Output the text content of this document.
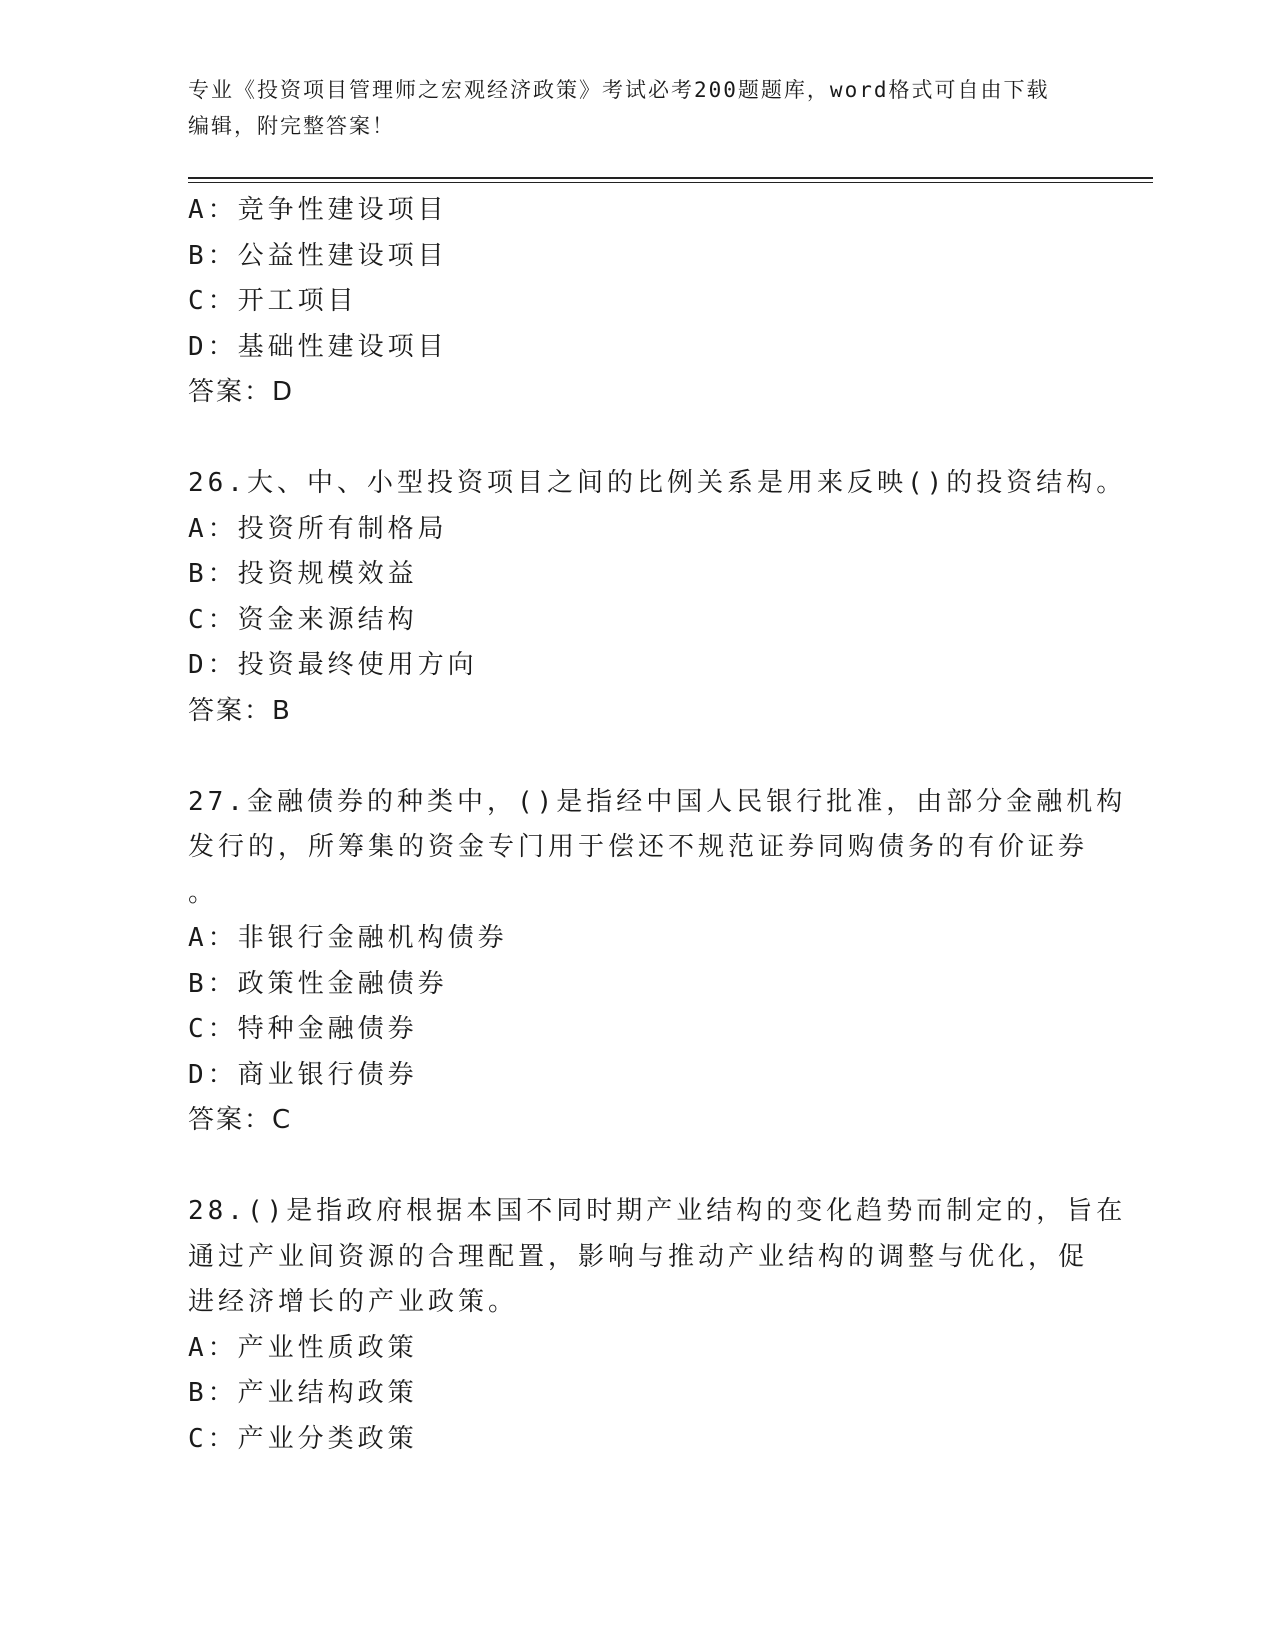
专业《投资项目管理师之宏观经济政策》考试必考200题题库，word格式可自由下载编辑，附完整答案！
A：竞争性建设项目
B：公益性建设项目
C：开工项目
D：基础性建设项目
答案：D
26.大、中、小型投资项目之间的比例关系是用来反映()的投资结构。
A：投资所有制格局
B：投资规模效益
C：资金来源结构
D：投资最终使用方向
答案：B
27.金融债券的种类中，()是指经中国人民银行批准，由部分金融机构
发行的，所筹集的资金专门用于偿还不规范证券同购债务的有价证券
。
A：非银行金融机构债券
B：政策性金融债券
C：特种金融债券
D：商业银行债券
答案：C
28.()是指政府根据本国不同时期产业结构的变化趋势而制定的，旨在
通过产业间资源的合理配置，影响与推动产业结构的调整与优化，促
进经济增长的产业政策。
A：产业性质政策
B：产业结构政策
C：产业分类政策
